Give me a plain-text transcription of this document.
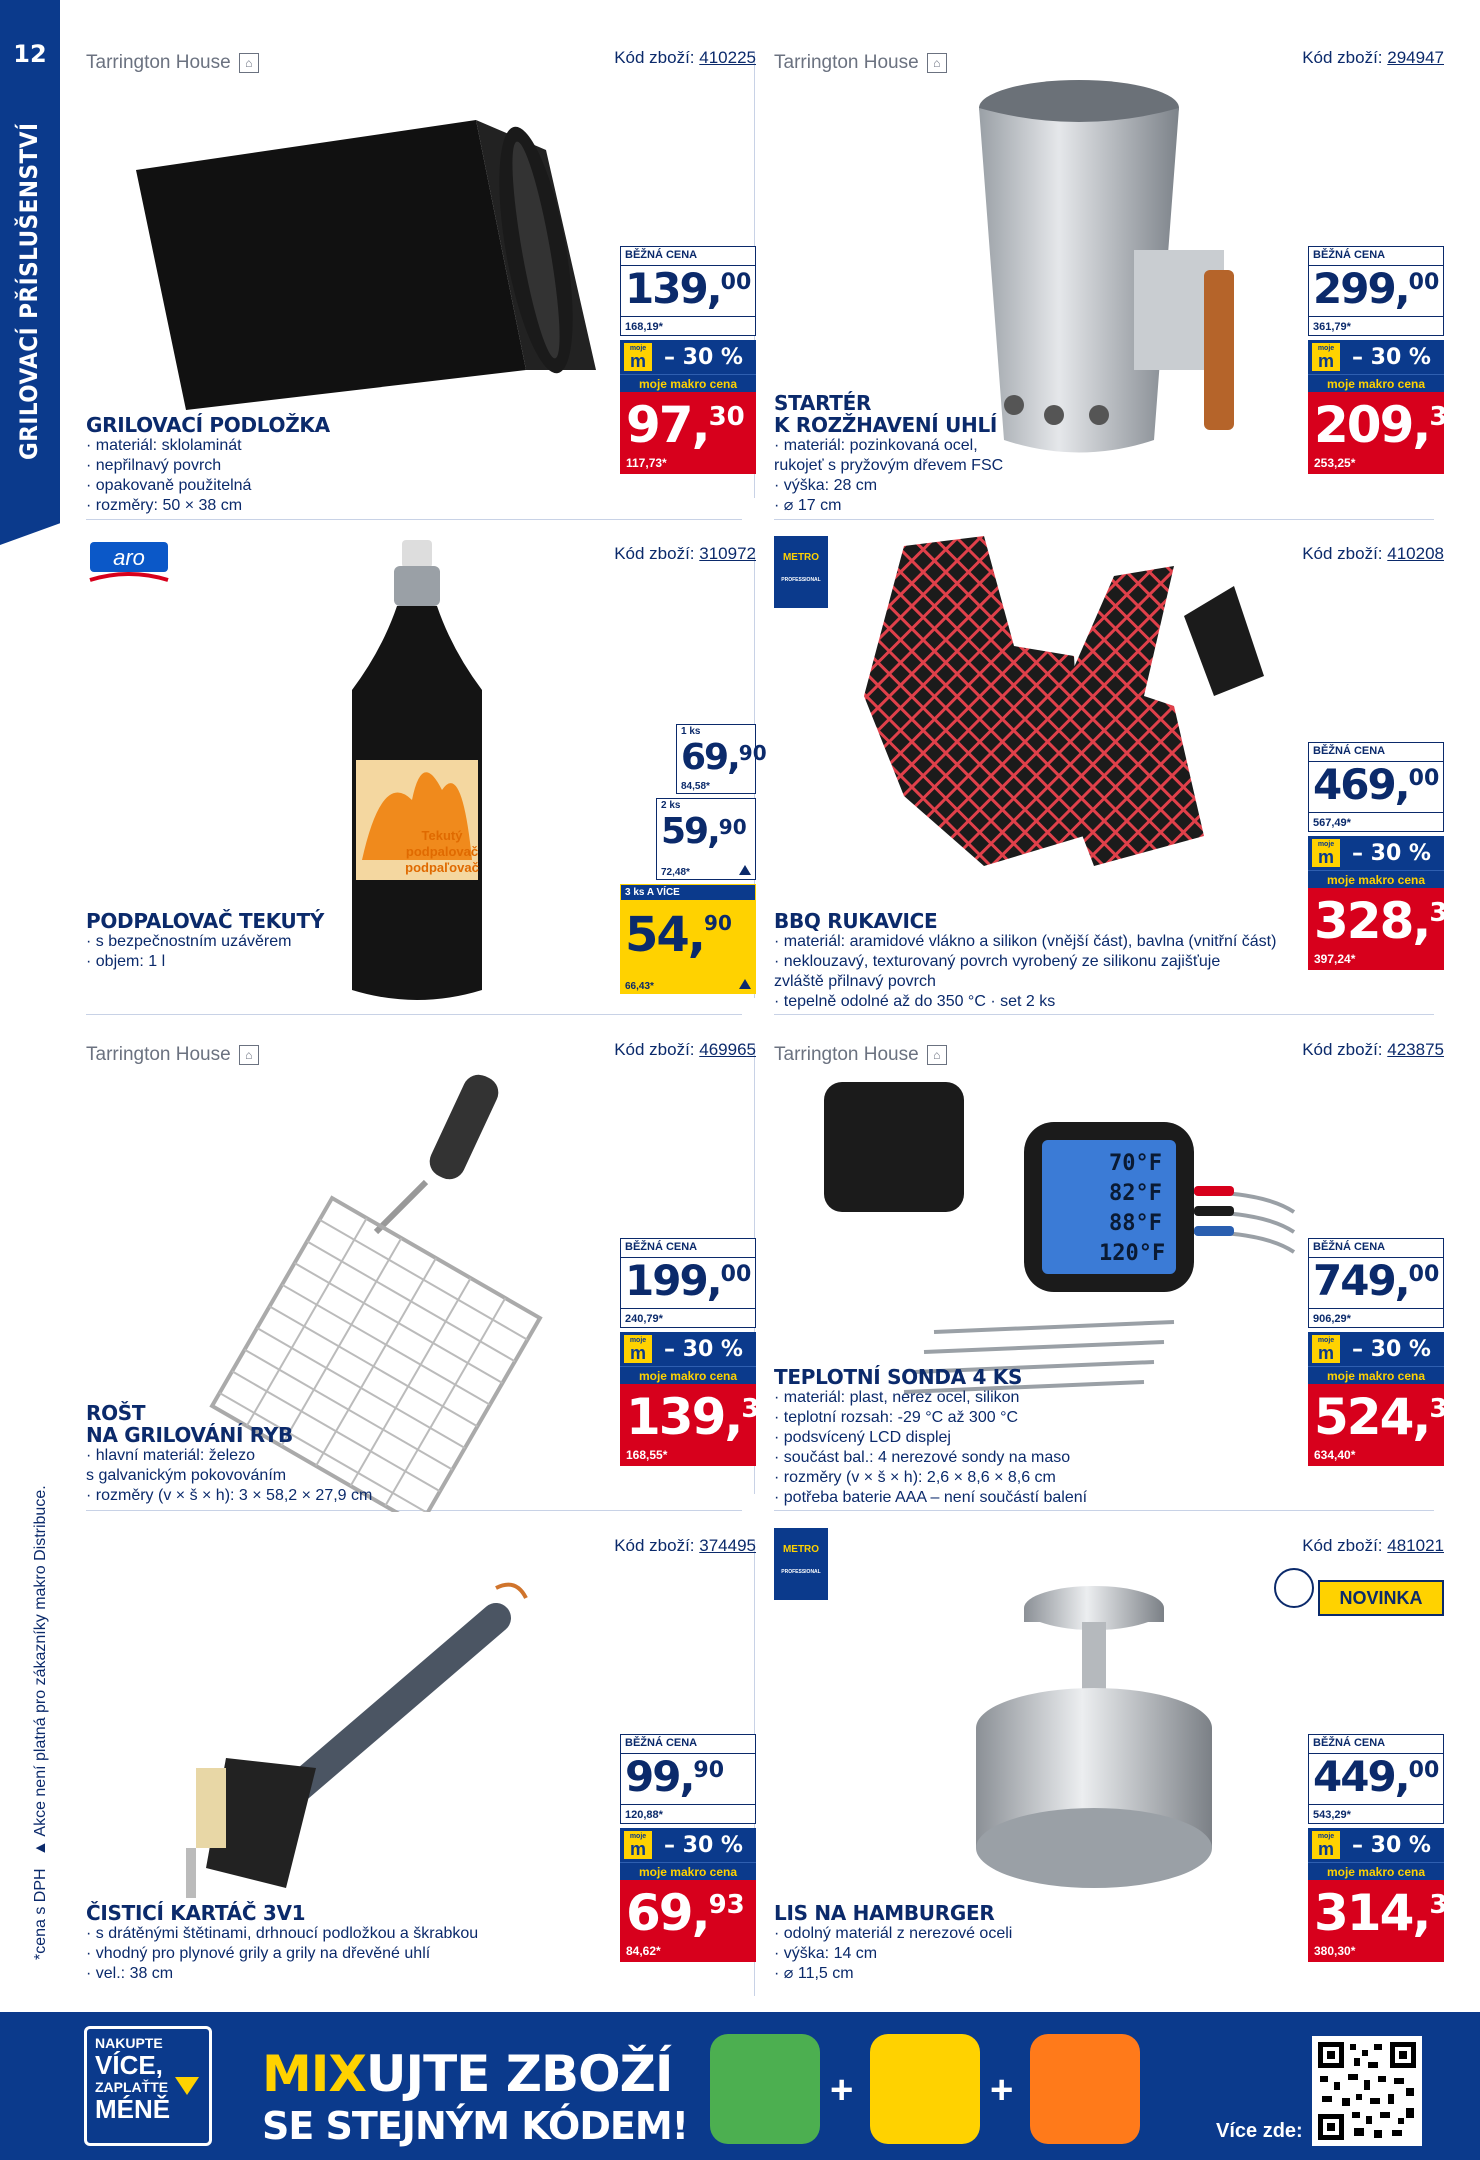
12
GRILOVACÍ PŘÍSLUŠENSTVÍ
*cena s DPH
▲ Akce není platná pro zákazníky makro Distribuce.
Tarrington House	⌂	Kód zboží: 410225
GRILOVACÍ PODLOŽKA
· materiál: sklolaminát
· nepřilnavý povrch
· opakovaně použitelná
· rozměry: 50 × 38 cm
BĚŽNÁ CENA
139,00
168,19*
moje
m – 30 %
moje makro cena
97,30
117,73*
Tarrington House	⌂	Kód zboží: 294947
STARTÉR
K ROZŽHAVENÍ UHLÍ
· materiál: pozinkovaná ocel,
rukojeť s pryžovým dřevem FSC
· výška: 28 cm
· ⌀ 17 cm
BĚŽNÁ CENA
299,00
361,79*
moje
m – 30 %
moje makro cena
209,30
253,25*
aro	Kód zboží: 310972
Tekutý
podpalovač
podpaľovač
PODPALOVAČ TEKUTÝ
· s bezpečnostním uzávěrem
· objem: 1 l
1 ks
69,90
84,58*
2 ks
59,90
72,48*
3 ks A VÍCE
54,90
66,43*
METRO
PROFESSIONAL
Kód zboží: 410208
BBQ RUKAVICE
· materiál: aramidové vlákno a silikon (vnější část), bavlna (vnitřní část)
· neklouzavý, texturovaný povrch vyrobený ze silikonu zajišťuje
zvláště přilnavý povrch
· tepelně odolné až do 350 °C · set 2 ks
BĚŽNÁ CENA
469,00
567,49*
moje
m – 30 %
moje makro cena
328,30
397,24*
Tarrington House	⌂	Kód zboží: 469965
ROŠT
NA GRILOVÁNÍ RYB
· hlavní materiál: železo
s galvanickým pokovováním
· rozměry (v × š × h): 3 × 58,2 × 27,9 cm
BĚŽNÁ CENA
199,00
240,79*
moje
m – 30 %
moje makro cena
139,30
168,55*
Tarrington House	⌂	Kód zboží: 423875
70°F
82°F
88°F
120°F
TEPLOTNÍ SONDA 4 KS
· materiál: plast, nerez ocel, silikon
· teplotní rozsah: -29 °C až 300 °C
· podsvícený LCD displej
· součást bal.: 4 nerezové sondy na maso
· rozměry (v × š × h): 2,6 × 8,6 × 8,6 cm
· potřeba baterie AAA – není součástí balení
BĚŽNÁ CENA
749,00
906,29*
moje
m – 30 %
moje makro cena
524,30
634,40*
Kód zboží: 374495
ČISTICÍ KARTÁČ 3V1
· s drátěnými štětinami, drhnoucí podložkou a škrabkou
· vhodný pro plynové grily a grily na dřevěné uhlí
· vel.: 38 cm
BĚŽNÁ CENA
99,90
120,88*
moje
m – 30 %
moje makro cena
69,93
84,62*
METRO
PROFESSIONAL
Kód zboží: 481021
NOVINKA
LIS NA HAMBURGER
· odolný materiál z nerezové oceli
· výška: 14 cm
· ⌀ 11,5 cm
BĚŽNÁ CENA
449,00
543,29*
moje
m – 30 %
moje makro cena
314,30
380,30*
NAKUPTE
VÍCE,
ZAPLAŤTE
MÉNĚ
MIXUJTE ZBOŽÍ
SE STEJNÝM KÓDEM!
+	+
Více zde:
